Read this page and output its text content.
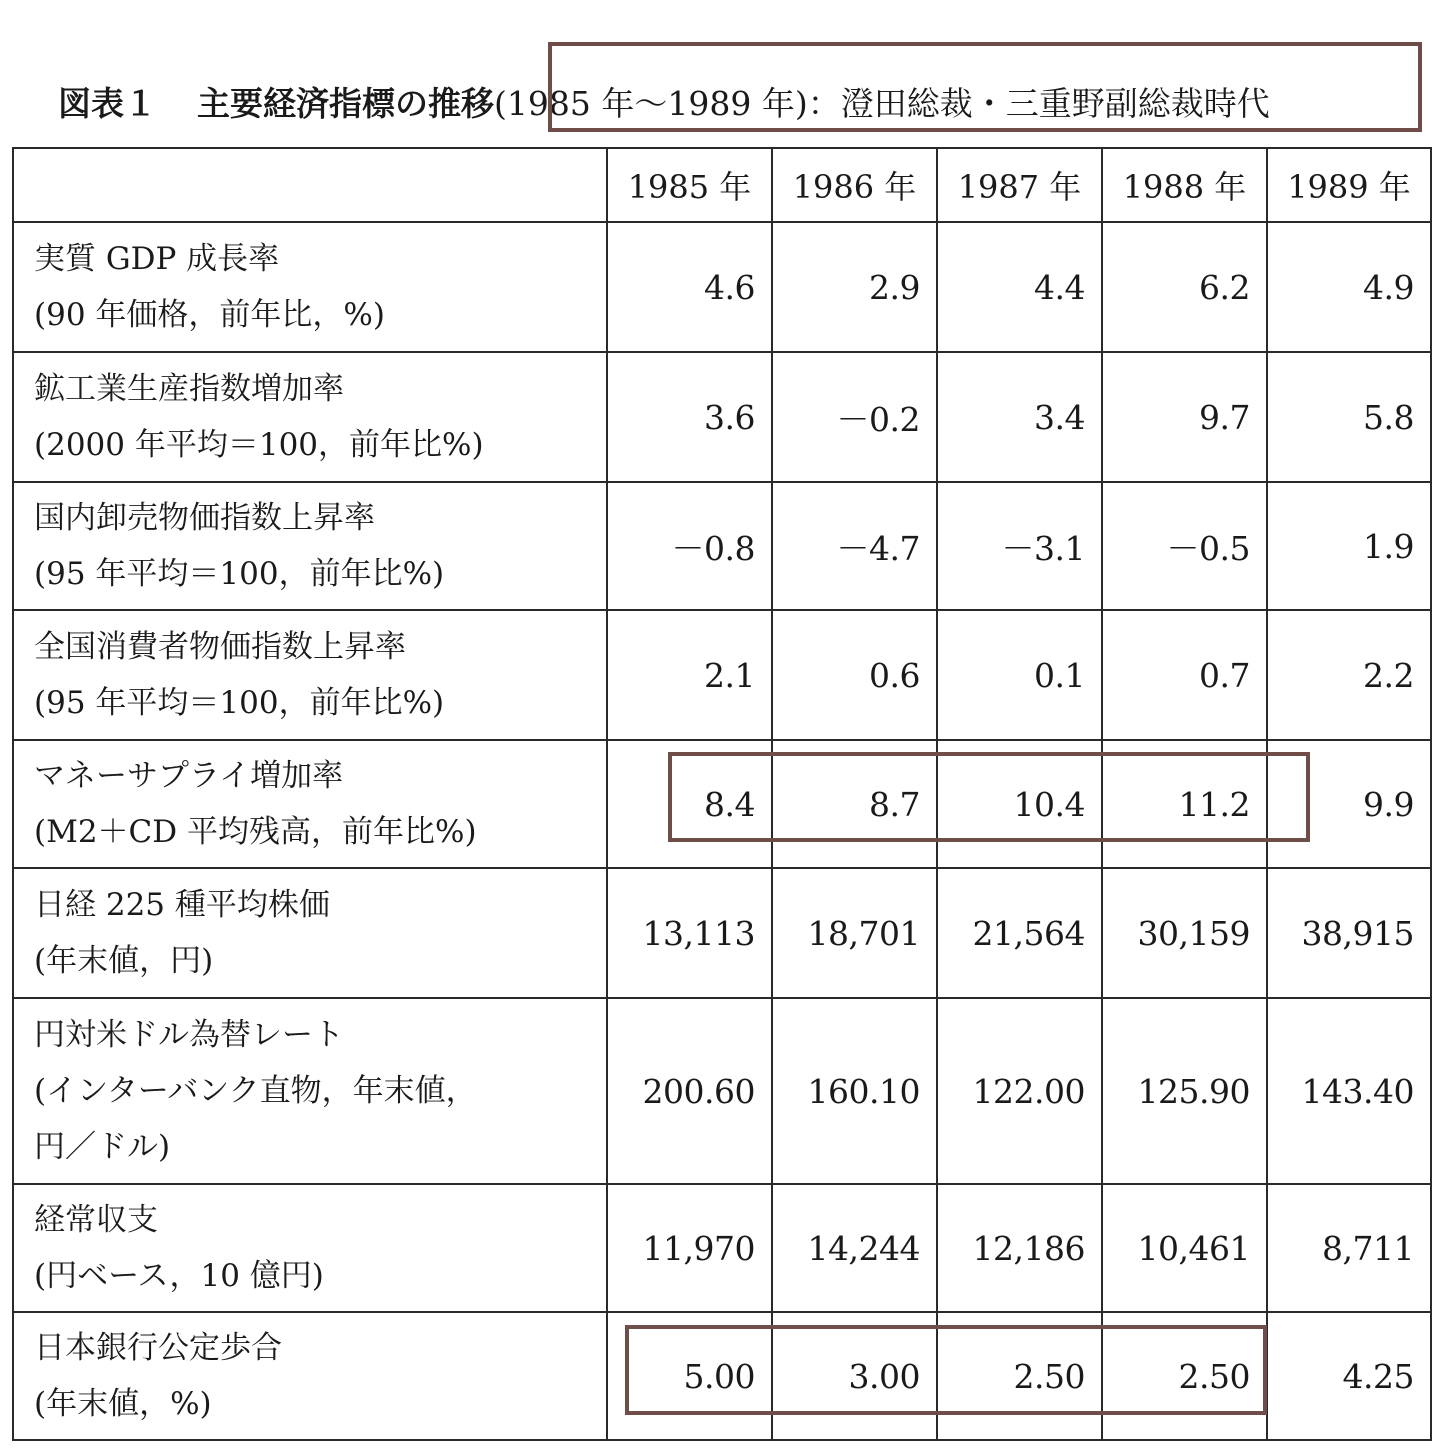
図表１ 主要経済指標の推移(1985 年～1989 年)：澄田総裁・三重野副総裁時代
	1985 年	1986 年	1987 年	1988 年	1989 年

実質 GDP 成長率
(90 年価格，前年比，%)	4.6	2.9	4.4	6.2	4.9

鉱工業生産指数増加率
(2000 年平均＝100，前年比%)	3.6	－0.2	3.4	9.7	5.8

国内卸売物価指数上昇率
(95 年平均＝100，前年比%)	－0.8	－4.7	－3.1	－0.5	1.9

全国消費者物価指数上昇率
(95 年平均＝100，前年比%)	2.1	0.6	0.1	0.7	2.2

マネーサプライ増加率
(M2＋CD 平均残高，前年比%)	8.4	8.7	10.4	11.2	9.9

日経 225 種平均株価
(年末値，円)	13,113	18,701	21,564	30,159	38,915

円対米ドル為替レート
(インターバンク直物，年末値，
円／ドル)	200.60	160.10	122.00	125.90	143.40

経常収支
(円ベース，10 億円)	11,970	14,244	12,186	10,461	8,711

日本銀行公定歩合
(年末値，%)	5.00	3.00	2.50	2.50	4.25
